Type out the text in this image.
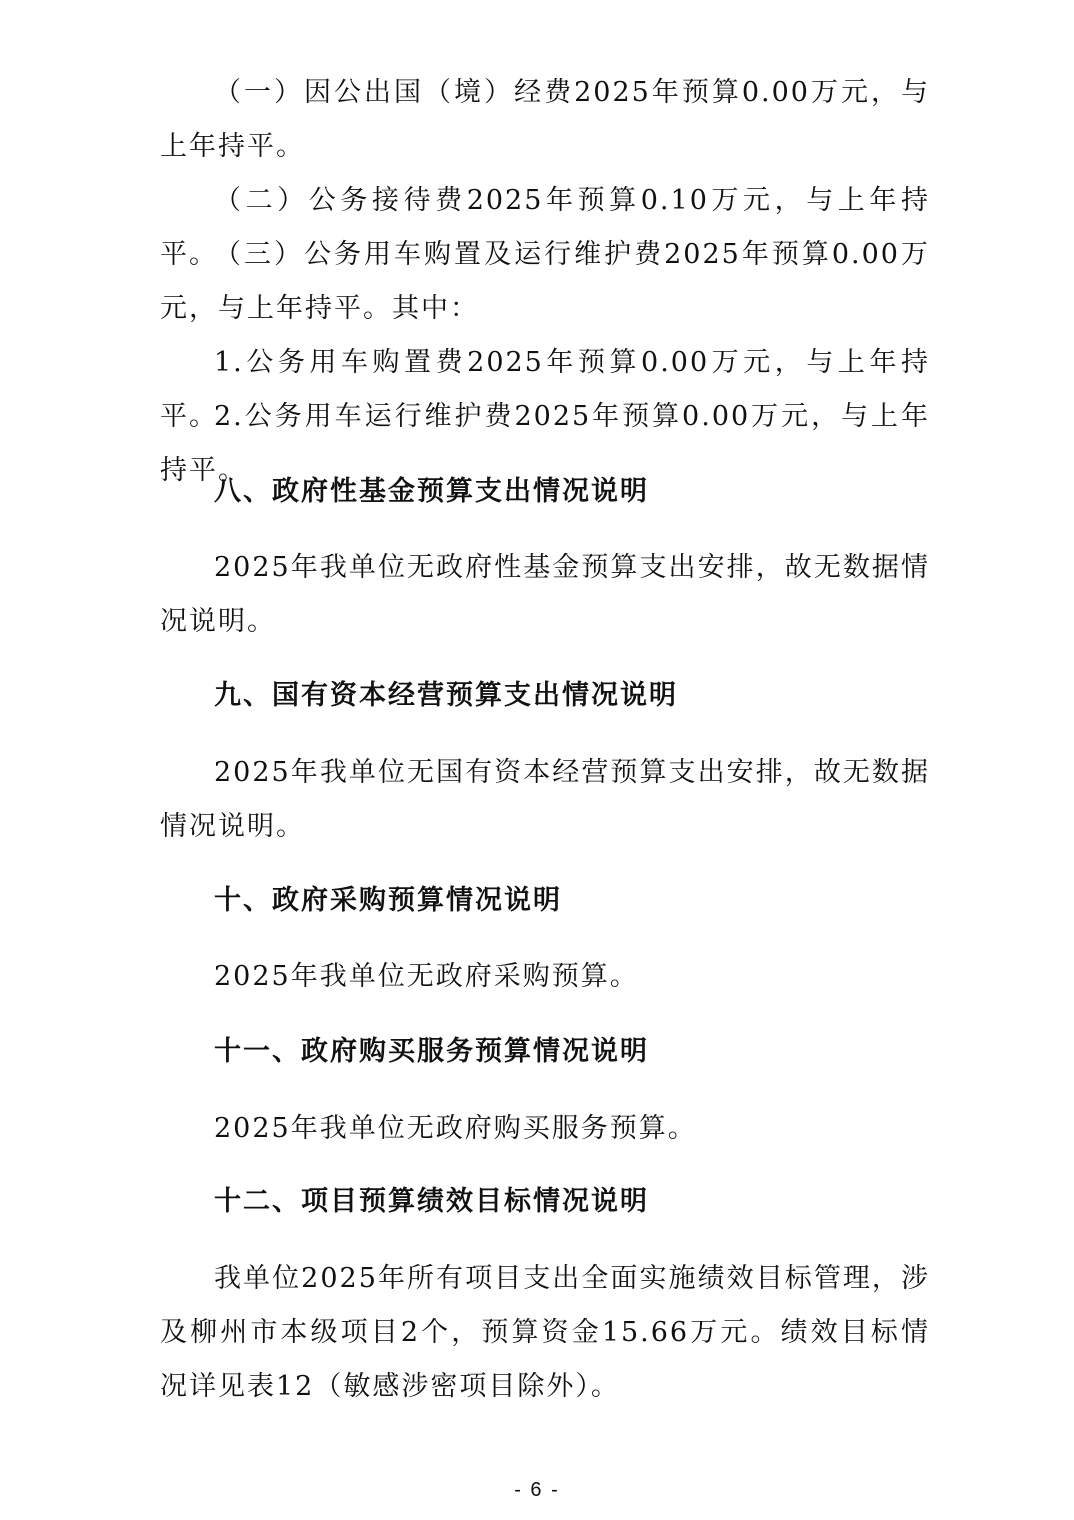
（一）因公出国（境）经费2025年预算0.00万元，与上年持平。

（二）公务接待费2025年预算0.10万元，与上年持平。

（三）公务用车购置及运行维护费2025年预算0.00万元，与上年持平。其中：

1.公务用车购置费2025年预算0.00万元，与上年持平。

2.公务用车运行维护费2025年预算0.00万元，与上年持平。

八、政府性基金预算支出情况说明

2025年我单位无政府性基金预算支出安排，故无数据情况说明。

九、国有资本经营预算支出情况说明

2025年我单位无国有资本经营预算支出安排，故无数据情况说明。

十、政府采购预算情况说明

2025年我单位无政府采购预算。

十一、政府购买服务预算情况说明

2025年我单位无政府购买服务预算。

十二、项目预算绩效目标情况说明

我单位2025年所有项目支出全面实施绩效目标管理，涉及柳州市本级项目2个，预算资金15.66万元。绩效目标情况详见表12（敏感涉密项目除外）。

- 6 -
